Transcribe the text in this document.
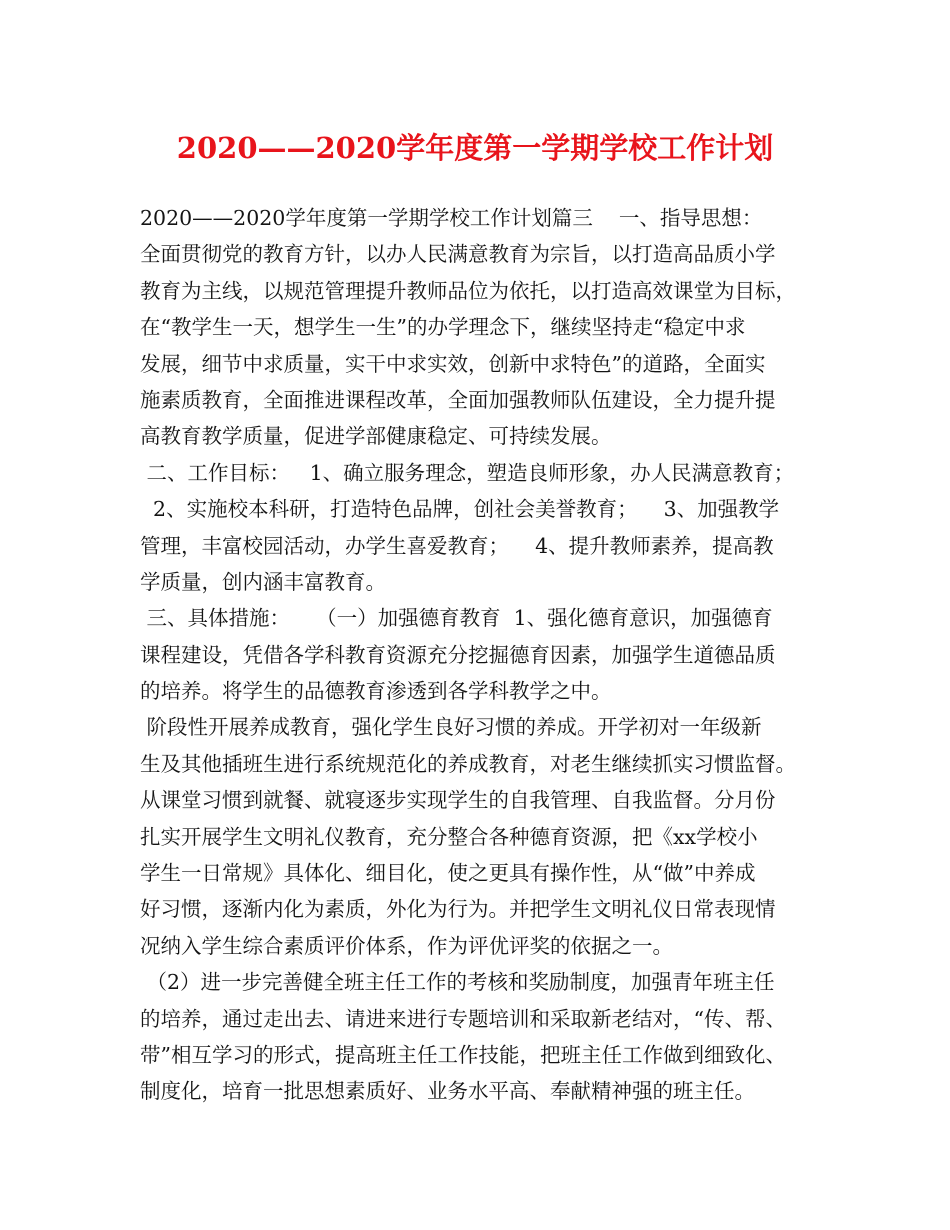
2020——2020学年度第一学期学校工作计划
2020——2020学年度第一学期学校工作计划篇三    一、指导思想：
全面贯彻党的教育方针，以办人民满意教育为宗旨，以打造高品质小学
教育为主线，以规范管理提升教师品位为依托，以打造高效课堂为目标，
在“教学生一天，想学生一生”的办学理念下，继续坚持走“稳定中求
发展，细节中求质量，实干中求实效，创新中求特色”的道路，全面实
施素质教育，全面推进课程改革，全面加强教师队伍建设，全力提升提
高教育教学质量，促进学部健康稳定、可持续发展。
二、工作目标：   1、确立服务理念，塑造良师形象，办人民满意教育；
2、实施校本科研，打造特色品牌，创社会美誉教育；    3、加强教学
管理，丰富校园活动，办学生喜爱教育；    4、提升教师素养，提高教
学质量，创内涵丰富教育。
三、具体措施：    （一）加强德育教育  1、强化德育意识，加强德育
课程建设，凭借各学科教育资源充分挖掘德育因素，加强学生道德品质
的培养。将学生的品德教育渗透到各学科教学之中。
阶段性开展养成教育，强化学生良好习惯的养成。开学初对一年级新
生及其他插班生进行系统规范化的养成教育，对老生继续抓实习惯监督。
从课堂习惯到就餐、就寝逐步实现学生的自我管理、自我监督。分月份
扎实开展学生文明礼仪教育，充分整合各种德育资源，把《xx学校小
学生一日常规》具体化、细目化，使之更具有操作性，从“做”中养成
好习惯，逐渐内化为素质，外化为行为。并把学生文明礼仪日常表现情
况纳入学生综合素质评价体系，作为评优评奖的依据之一。
（2）进一步完善健全班主任工作的考核和奖励制度，加强青年班主任
的培养，通过走出去、请进来进行专题培训和采取新老结对，“传、帮、
带”相互学习的形式，提高班主任工作技能，把班主任工作做到细致化、
制度化，培育一批思想素质好、业务水平高、奉献精神强的班主任。
